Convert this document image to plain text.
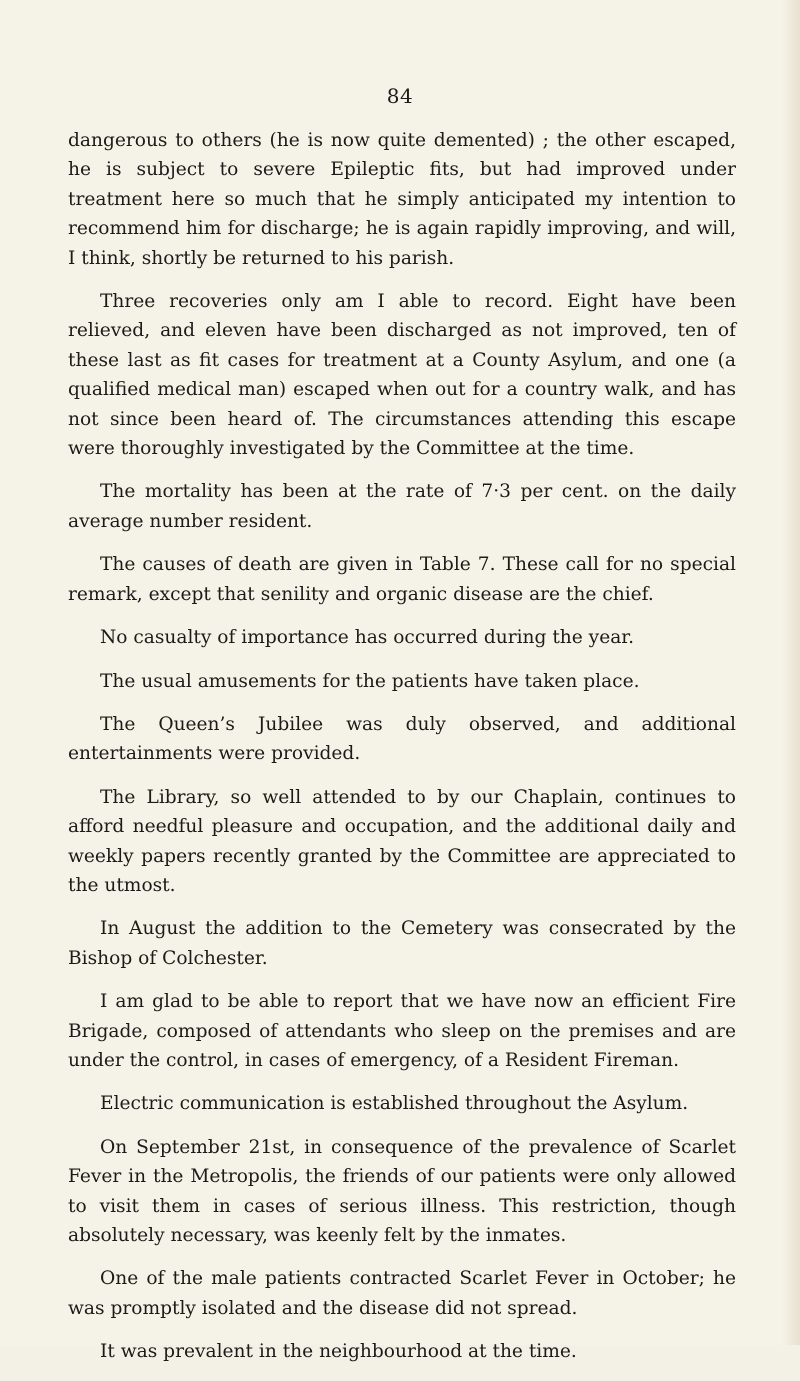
84

dangerous to others (he is now quite demented) ; the other escaped, he is subject to severe Epileptic fits, but had improved under treatment here so much that he simply anticipated my intention to recommend him for discharge; he is again rapidly improving, and will, I think, shortly be returned to his parish.

Three recoveries only am I able to record. Eight have been relieved, and eleven have been discharged as not improved, ten of these last as fit cases for treatment at a County Asylum, and one (a qualified medical man) escaped when out for a country walk, and has not since been heard of. The circumstances attending this escape were thoroughly investigated by the Committee at the time.

The mortality has been at the rate of 7·3 per cent. on the daily average number resident.

The causes of death are given in Table 7. These call for no special remark, except that senility and organic disease are the chief.

No casualty of importance has occurred during the year.

The usual amusements for the patients have taken place.

The Queen’s Jubilee was duly observed, and additional entertainments were provided.

The Library, so well attended to by our Chaplain, continues to afford needful pleasure and occupation, and the additional daily and weekly papers recently granted by the Committee are appreciated to the utmost.

In August the addition to the Cemetery was consecrated by the Bishop of Colchester.

I am glad to be able to report that we have now an efficient Fire Brigade, composed of attendants who sleep on the premises and are under the control, in cases of emergency, of a Resident Fireman.

Electric communication is established throughout the Asylum.

On September 21st, in consequence of the prevalence of Scarlet Fever in the Metropolis, the friends of our patients were only allowed to visit them in cases of serious illness. This restriction, though absolutely necessary, was keenly felt by the inmates.

One of the male patients contracted Scarlet Fever in October; he was promptly isolated and the disease did not spread.

It was prevalent in the neighbourhood at the time.
